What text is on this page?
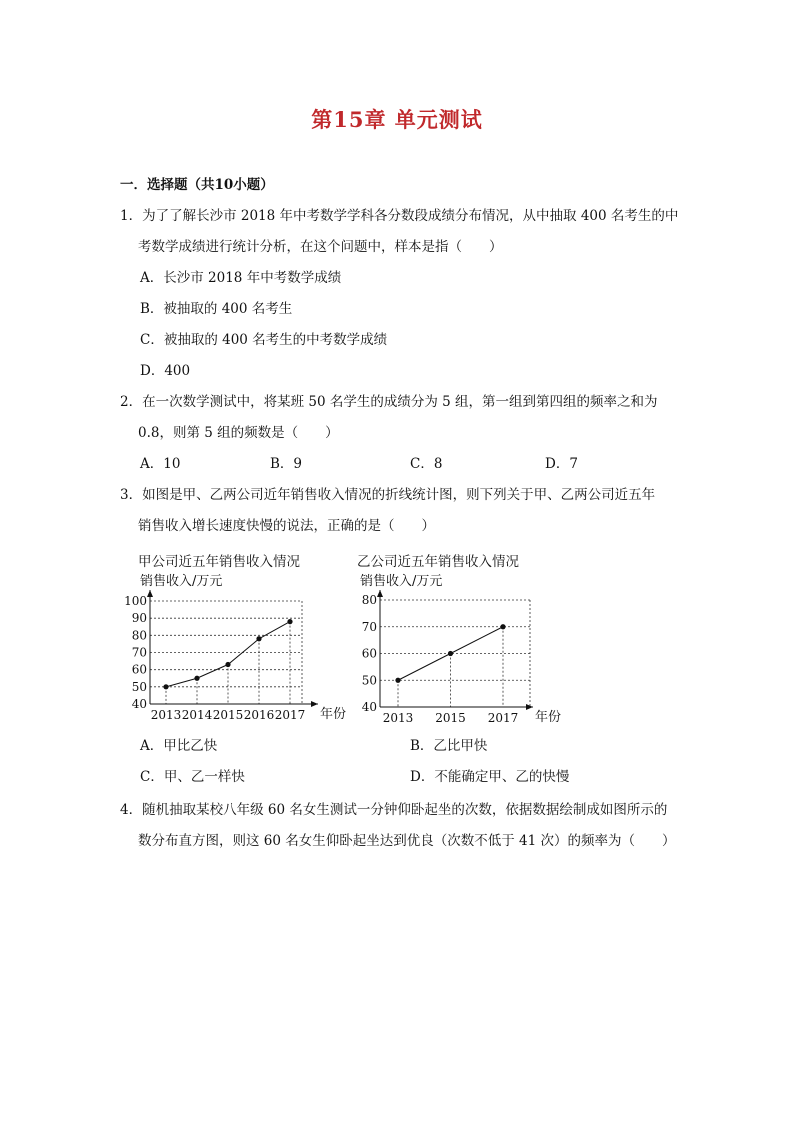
第15章 单元测试
一．选择题（共10小题）
1．为了了解长沙市 2018 年中考数学学科各分数段成绩分布情况，从中抽取 400 名考生的中
考数学成绩进行统计分析，在这个问题中，样本是指（　　）
A．长沙市 2018 年中考数学成绩
B．被抽取的 400 名考生
C．被抽取的 400 名考生的中考数学成绩
D．400
2．在一次数学测试中，将某班 50 名学生的成绩分为 5 组，第一组到第四组的频率之和为
0.8，则第 5 组的频数是（　　）
A．10	B．9	C．8	D．7
3．如图是甲、乙两公司近年销售收入情况的折线统计图，则下列关于甲、乙两公司近五年
销售收入增长速度快慢的说法，正确的是（　　）
甲公司近五年销售收入情况
销售收入/万元
40
50
60
70
80
90
100
2013 2014 2015 2016 2017 年份
乙公司近五年销售收入情况
销售收入/万元
40
50
60
70
80
2013 2015 2017 年份
A．甲比乙快	B．乙比甲快
C．甲、乙一样快	D．不能确定甲、乙的快慢
4．随机抽取某校八年级 60 名女生测试一分钟仰卧起坐的次数，依据数据绘制成如图所示的
数分布直方图，则这 60 名女生仰卧起坐达到优良（次数不低于 41 次）的频率为（　　）
